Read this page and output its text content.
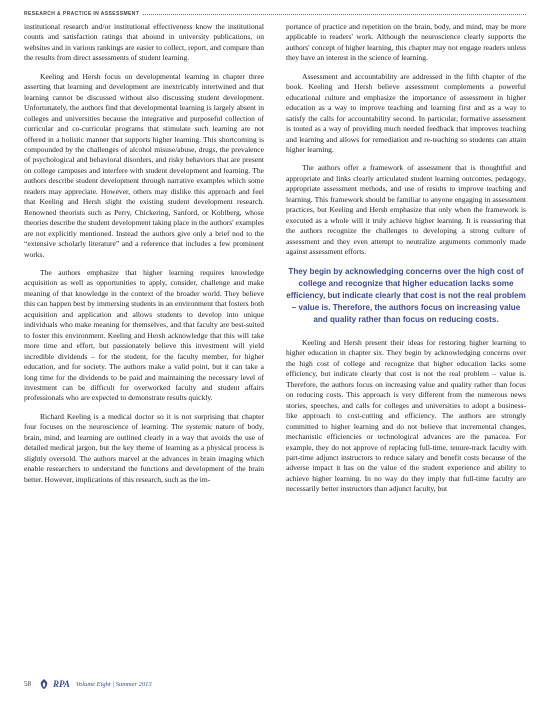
RESEARCH & PRACTICE IN ASSESSMENT

institutional research and/or institutional effectiveness know the institutional counts and satisfaction ratings that abound in university publications, on websites and in various rankings are easier to collect, report, and compare than the results from direct assessments of student learning.

Keeling and Hersh focus on developmental learning in chapter three asserting that learning and development are inextricably intertwined and that learning cannot be discussed without also discussing student development. Unfortunately, the authors find that developmental learning is largely absent in colleges and universities because the integrative and purposeful collection of curricular and co-curricular programs that stimulate such learning are not offered in a holistic manner that supports higher learning. This shortcoming is compounded by the challenges of alcohol misuse/abuse, drugs, the prevalence of psychological and behavioral disorders, and risky behaviors that are present on college campuses and interfere with student development and learning. The authors describe student development through narrative examples which some readers may appreciate. However, others may dislike this approach and feel that Keeling and Hersh slight the existing student development research. Renowned theorists such as Perry, Chickering, Sanford, or Kohlberg, whose theories describe the student development taking place in the authors' examples are not explicitly mentioned. Instead the authors give only a brief nod to the “extensive scholarly literature” and a reference that includes a few prominent works.

The authors emphasize that higher learning requires knowledge acquisition as well as opportunities to apply, consider, challenge and make meaning of that knowledge in the context of the broader world. They believe this can happen best by immersing students in an environment that fosters both acquisition and application and allows students to develop into unique individuals who make meaning for themselves, and that faculty are best-suited to foster this environment. Keeling and Hersh acknowledge that this will take more time and effort, but passionately believe this investment will yield incredible dividends – for the student, for the faculty member, for higher education, and for society. The authors make a valid point, but it can take a long time for the dividends to be paid and maintaining the necessary level of investment can be difficult for overworked faculty and student affairs professionals who are expected to demonstrate results quickly.

Richard Keeling is a medical doctor so it is not surprising that chapter four focuses on the neuroscience of learning. The systemic nature of body, brain, mind, and learning are outlined clearly in a way that avoids the use of detailed medical jargon, but the key theme of learning as a physical process is slightly oversold. The authors marvel at the advances in brain imaging which enable researchers to understand the functions and development of the brain better. However, implications of this research, such as the im-

portance of practice and repetition on the brain, body, and mind, may be more applicable to readers' work. Although the neuroscience clearly supports the authors' concept of higher learning, this chapter may not engage readers unless they have an interest in the science of learning.

Assessment and accountability are addressed in the fifth chapter of the book. Keeling and Hersh believe assessment complements a powerful educational culture and emphasize the importance of assessment in higher education as a way to improve teaching and learning first and as a way to satisfy the calls for accountability second. In particular, formative assessment is touted as a way of providing much needed feedback that improves teaching and learning and allows for remediation and re-teaching so students can attain higher learning.

The authors offer a framework of assessment that is thoughtful and appropriate and links clearly articulated student learning outcomes, pedagogy, appropriate assessment methods, and use of results to improve teaching and learning. This framework should be familiar to anyone engaging in assessment practices, but Keeling and Hersh emphasize that only when the framework is executed as a whole will it truly achieve higher learning. It is reassuring that the authors recognize the challenges to developing a strong culture of assessment and they even attempt to neutralize arguments commonly made against assessment efforts.

They begin by acknowledging concerns over the high cost of college and recognize that higher education lacks some efficiency, but indicate clearly that cost is not the real problem – value is. Therefore, the authors focus on increasing value and quality rather than focus on reducing costs.

Keeling and Hersh present their ideas for restoring higher learning to higher education in chapter six. They begin by acknowledging concerns over the high cost of college and recognize that higher education lacks some efficiency, but indicate clearly that cost is not the real problem – value is. Therefore, the authors focus on increasing value and quality rather than focus on reducing costs. This approach is very different from the numerous news stories, speeches, and calls for colleges and universities to adopt a business-like approach to cost-cutting and efficiency. The authors are strongly committed to higher learning and do not believe that incremental changes, mechanistic efficiencies or technological advances are the panacea. For example, they do not approve of replacing full-time, tenure-track faculty with part-time adjunct instructors to reduce salary and benefit costs because of the adverse impact it has on the value of the student experience and ability to achieve higher learning. In no way do they imply that full-time faculty are necessarily better instructors than adjunct faculty, but

58 RPA Volume Eight | Summer 2013
